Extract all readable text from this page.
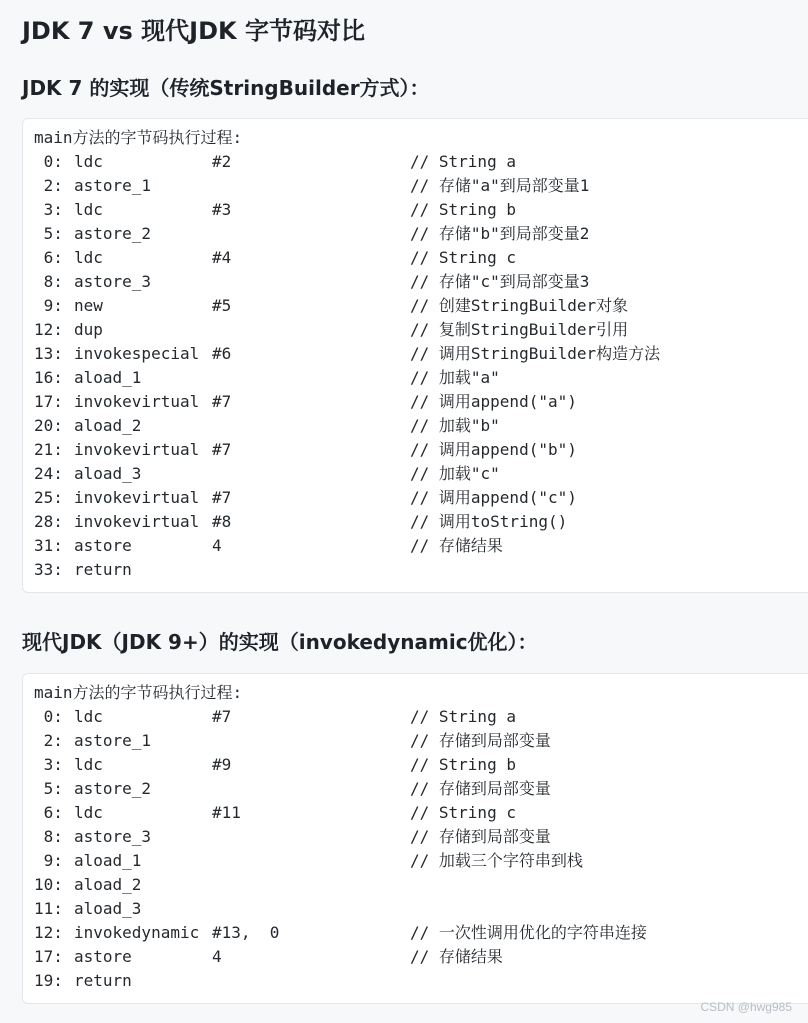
JDK 7 vs 现代JDK 字节码对比
JDK 7 的实现（传统StringBuilder方式）：
main方法的字节码执行过程:
0: ldc	#2	// String a
2: astore_1	// 存储"a"到局部变量1
3: ldc	#3	// String b
5: astore_2	// 存储"b"到局部变量2
6: ldc	#4	// String c
8: astore_3	// 存储"c"到局部变量3
9: new	#5	// 创建StringBuilder对象
12: dup	// 复制StringBuilder引用
13: invokespecial #6	// 调用StringBuilder构造方法
16: aload_1	// 加载"a"
17: invokevirtual #7	// 调用append("a")
20: aload_2	// 加载"b"
21: invokevirtual #7	// 调用append("b")
24: aload_3	// 加载"c"
25: invokevirtual #7	// 调用append("c")
28: invokevirtual #8	// 调用toString()
31: astore	4	// 存储结果
33: return
现代JDK（JDK 9+）的实现（invokedynamic优化）：
main方法的字节码执行过程:
0: ldc	#7	// String a
2: astore_1	// 存储到局部变量
3: ldc	#9	// String b
5: astore_2	// 存储到局部变量
6: ldc	#11	// String c
8: astore_3	// 存储到局部变量
9: aload_1	// 加载三个字符串到栈
10: aload_2
11: aload_3
12: invokedynamic #13,  0	// 一次性调用优化的字符串连接
17: astore	4	// 存储结果
19: return
CSDN @hwg985
